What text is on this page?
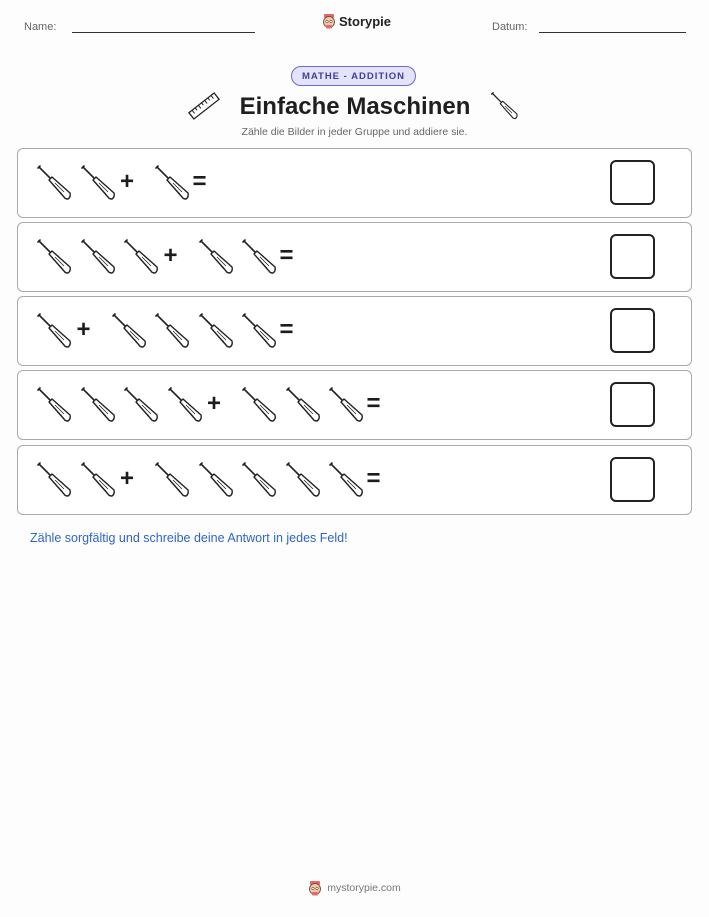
Name:	Storypie	Datum:
MATHE - ADDITION
Einfache Maschinen
Zähle die Bilder in jeder Gruppe und addiere sie.
+ =
+	=
+	=
+	=
+	=
Zähle sorgfältig und schreibe deine Antwort in jedes Feld!
mystorypie.com
